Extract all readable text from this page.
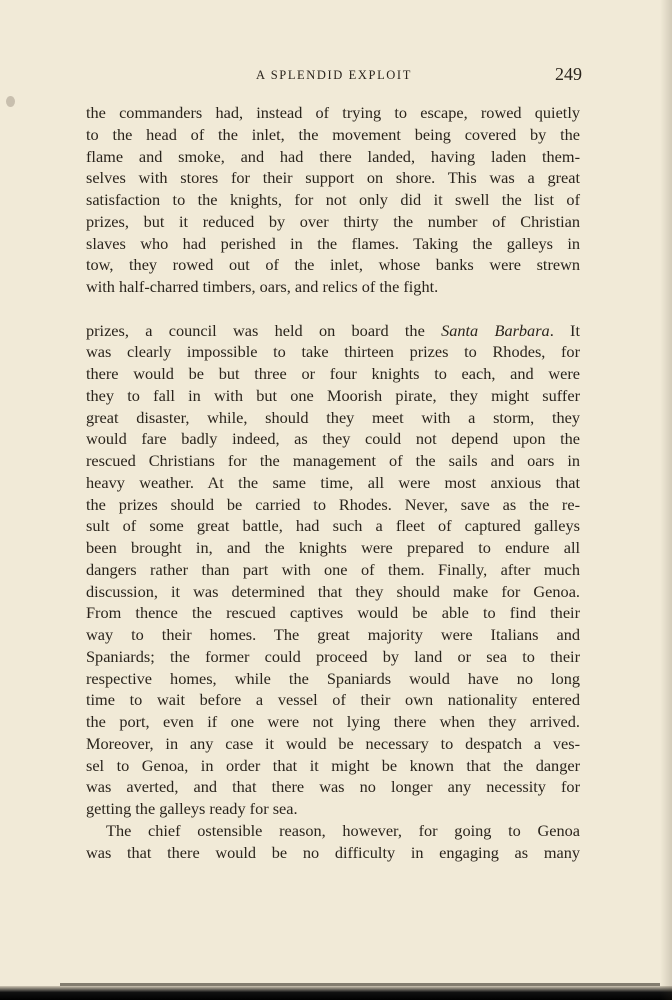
A SPLENDID EXPLOIT	249
the commanders had, instead of trying to escape, rowed quietly
to the head of the inlet, the movement being covered by the
flame and smoke, and had there landed, having laden them-
selves with stores for their support on shore. This was a great
satisfaction to the knights, for not only did it swell the list of
prizes, but it reduced by over thirty the number of Christian
slaves who had perished in the flames. Taking the galleys in
tow, they rowed out of the inlet, whose banks were strewn
with half-charred timbers, oars, and relics of the fight.
prizes, a council was held on board the Santa Barbara. It
was clearly impossible to take thirteen prizes to Rhodes, for
there would be but three or four knights to each, and were
they to fall in with but one Moorish pirate, they might suffer
great disaster, while, should they meet with a storm, they
would fare badly indeed, as they could not depend upon the
rescued Christians for the management of the sails and oars in
heavy weather. At the same time, all were most anxious that
the prizes should be carried to Rhodes. Never, save as the re-
sult of some great battle, had such a fleet of captured galleys
been brought in, and the knights were prepared to endure all
dangers rather than part with one of them. Finally, after much
discussion, it was determined that they should make for Genoa.
From thence the rescued captives would be able to find their
way to their homes. The great majority were Italians and
Spaniards; the former could proceed by land or sea to their
respective homes, while the Spaniards would have no long
time to wait before a vessel of their own nationality entered
the port, even if one were not lying there when they arrived.
Moreover, in any case it would be necessary to despatch a ves-
sel to Genoa, in order that it might be known that the danger
was averted, and that there was no longer any necessity for
getting the galleys ready for sea.
The chief ostensible reason, however, for going to Genoa
was that there would be no difficulty in engaging as many
